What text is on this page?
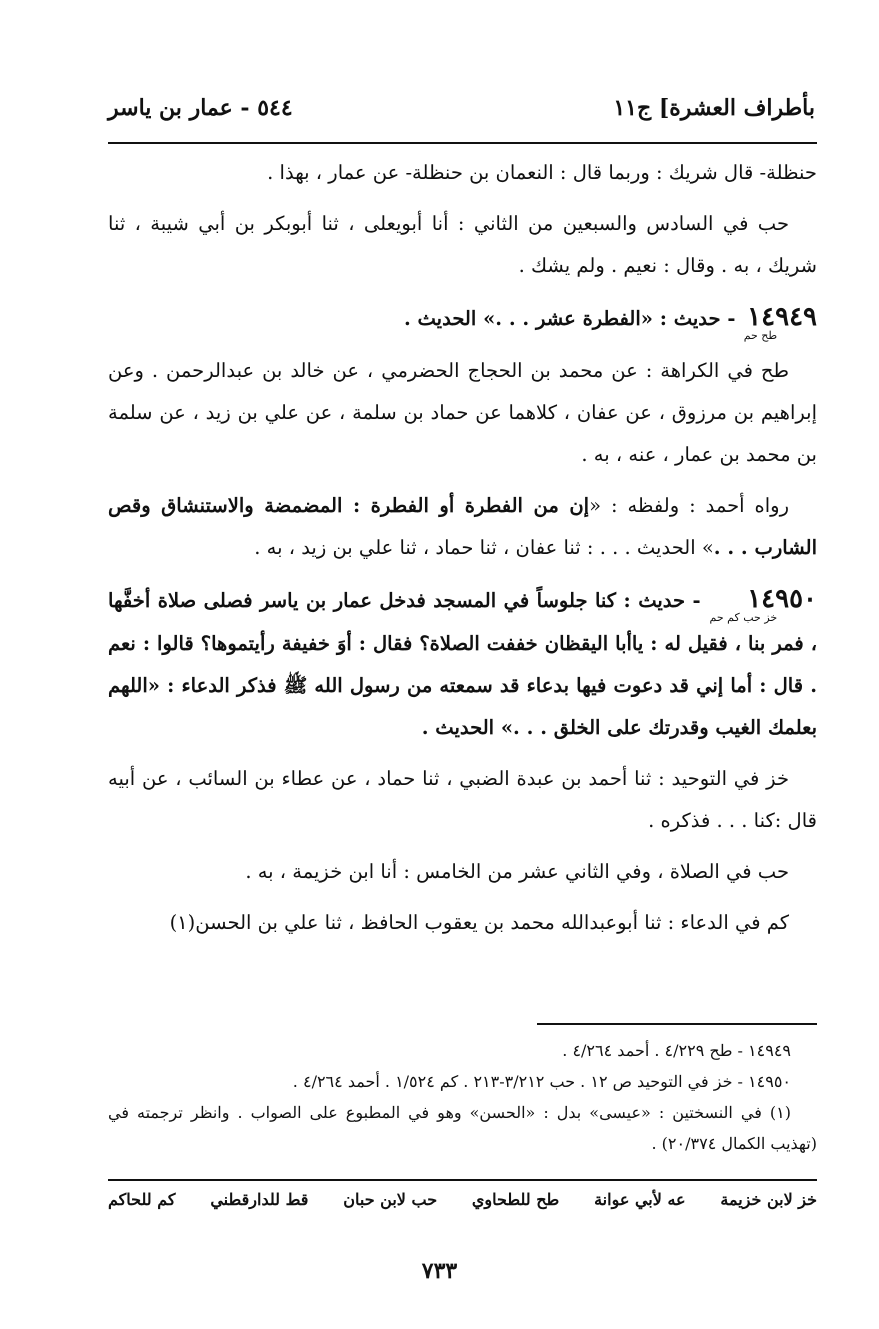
بأطراف العشرة] ج١١
٥٤٤ - عمار بن ياسر

حنظلة- قال شريك : وربما قال : النعمان بن حنظلة- عن عمار ، بهذا .

حب في السادس والسبعين من الثاني : أنا أبويعلى ، ثنا أبوبكر بن أبي شيبة ، ثنا شريك ، به . وقال : نعيم . ولم يشك .

١٤٩٤٩طح حم - حديث : «الفطرة عشر . . .» الحديث .

طح في الكراهة : عن محمد بن الحجاج الحضرمي ، عن خالد بن عبدالرحمن . وعن إبراهيم بن مرزوق ، عن عفان ، كلاهما عن حماد بن سلمة ، عن علي بن زيد ، عن سلمة بن محمد بن عمار ، عنه ، به .

رواه أحمد : ولفظه : «إن من الفطرة أو الفطرة : المضمضة والاستنشاق وقص الشارب . . .» الحديث . . . : ثنا عفان ، ثنا حماد ، ثنا علي بن زيد ، به .

١٤٩٥٠خز حب كم حم - حديث : كنا جلوساً في المسجد فدخل عمار بن ياسر فصلى صلاة أخفَّها ، فمر بنا ، فقيل له : ياأبا اليقظان خففت الصلاة؟ فقال : أوَ خفيفة رأيتموها؟ قالوا : نعم . قال : أما إني قد دعوت فيها بدعاء قد سمعته من رسول الله ﷺ فذكر الدعاء : «اللهم بعلمك الغيب وقدرتك على الخلق . . .» الحديث .

خز في التوحيد : ثنا أحمد بن عبدة الضبي ، ثنا حماد ، عن عطاء بن السائب ، عن أبيه قال :كنا . . . فذكره .

حب في الصلاة ، وفي الثاني عشر من الخامس : أنا ابن خزيمة ، به .

كم في الدعاء : ثنا أبوعبدالله محمد بن يعقوب الحافظ ، ثنا علي بن الحسن(١)

١٤٩٤٩ - طح ٤/٢٢٩ . أحمد ٤/٢٦٤ .

١٤٩٥٠ - خز في التوحيد ص ١٢ . حب ٣/٢١٢-٢١٣ . كم ١/٥٢٤ . أحمد ٤/٢٦٤ .

(١) في النسختين : «عيسى» بدل : «الحسن» وهو في المطبوع على الصواب . وانظر ترجمته في (تهذيب الكمال ٢٠/٣٧٤) .

خز لابن خزيمة
عه لأبي عوانة
طح للطحاوي
حب لابن حبان
قط للدارقطني
كم للحاكم
٧٣٣
